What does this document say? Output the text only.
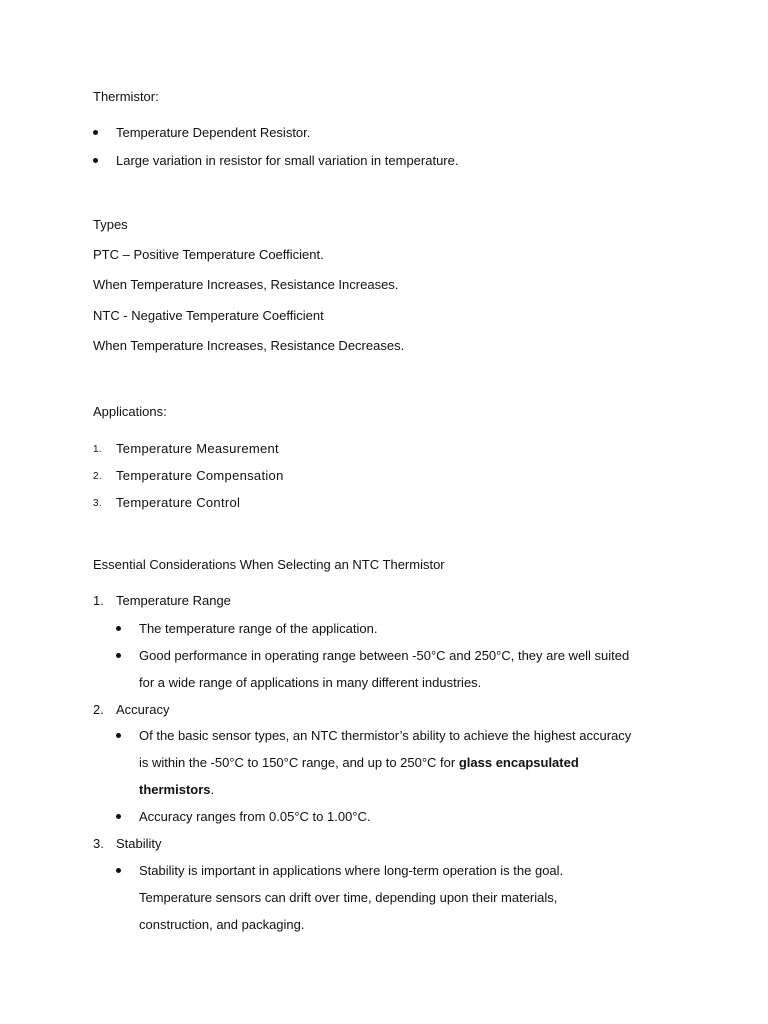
Thermistor:
Temperature Dependent Resistor.
Large variation in resistor for small variation in temperature.
Types
PTC – Positive Temperature Coefficient.
When Temperature Increases, Resistance Increases.
NTC - Negative Temperature Coefficient
When Temperature Increases, Resistance Decreases.
Applications:
1. Temperature Measurement
2. Temperature Compensation
3. Temperature Control
Essential Considerations When Selecting an NTC Thermistor
1. Temperature Range
The temperature range of the application.
Good performance in operating range between -50°C and 250°C, they are well suited
for a wide range of applications in many different industries.
2. Accuracy
Of the basic sensor types, an NTC thermistor’s ability to achieve the highest accuracy
is within the -50°C to 150°C range, and up to 250°C for glass encapsulated
thermistors.
Accuracy ranges from 0.05°C to 1.00°C.
3. Stability
Stability is important in applications where long-term operation is the goal.
Temperature sensors can drift over time, depending upon their materials,
construction, and packaging.
